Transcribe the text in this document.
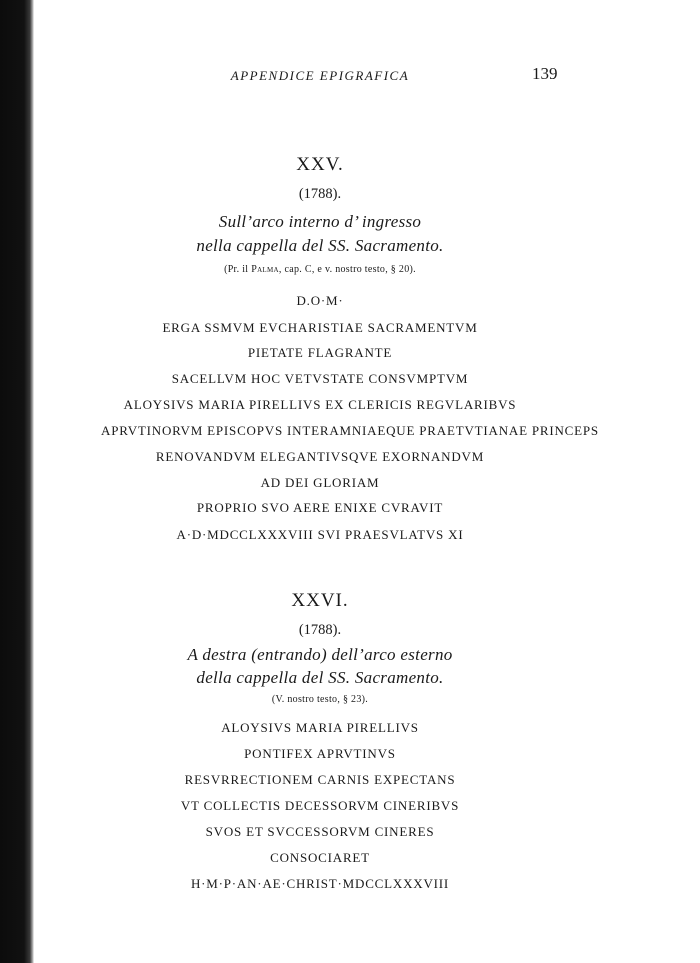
APPENDICE EPIGRAFICA	139
XXV.
(1788).
Sull’arco interno d’ ingresso
nella cappella del SS. Sacramento.
(Pr. il Palma, cap. C, e v. nostro testo, § 20).
D.O·M·
ERGA SSMVM EVCHARISTIAE SACRAMENTVM
PIETATE FLAGRANTE
SACELLVM HOC VETVSTATE CONSVMPTVM
ALOYSIVS MARIA PIRELLIVS EX CLERICIS REGVLARIBVS
APRVTINORVM EPISCOPVS INTERAMNIAEQUE PRAETVTIANAE PRINCEPS
RENOVANDVM ELEGANTIVSQVE EXORNANDVM
AD DEI GLORIAM
PROPRIO SVO AERE ENIXE CVRAVIT
A·D·MDCCLXXXVIII SVI PRAESVLATVS XI
XXVI.
(1788).
A destra (entrando) dell’arco esterno
della cappella del SS. Sacramento.
(V. nostro testo, § 23).
ALOYSIVS MARIA PIRELLIVS
PONTIFEX APRVTINVS
RESVRRECTIONEM CARNIS EXPECTANS
VT COLLECTIS DECESSORVM CINERIBVS
SVOS ET SVCCESSORVM CINERES
CONSOCIARET
H·M·P·AN·AE·CHRIST·MDCCLXXXVIII
